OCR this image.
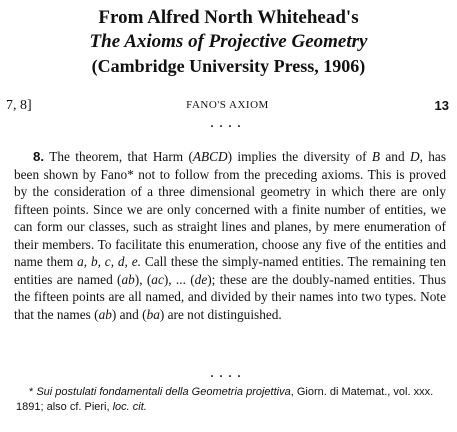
From Alfred North Whitehead's
The Axioms of Projective Geometry
(Cambridge University Press, 1906)
7, 8]	FANO'S AXIOM	13
....

8. The theorem, that Harm (ABCD) implies the diversity of B and D, has been shown by Fano* not to follow from the preceding axioms. This is proved by the consideration of a three dimensional geometry in which there are only fifteen points. Since we are only concerned with a finite number of entities, we can form our classes, such as straight lines and planes, by mere enumeration of their members. To facilitate this enumeration, choose any five of the entities and name them a, b, c, d, e. Call these the simply-named entities. The remaining ten entities are named (ab), (ac), ... (de); these are the doubly-named entities. Thus the fifteen points are all named, and divided by their names into two types. Note that the names (ab) and (ba) are not distinguished.

....

* Sui postulati fondamentali della Geometria projettiva, Giorn. di Matemat., vol. xxx. 1891; also cf. Pieri, loc. cit.
